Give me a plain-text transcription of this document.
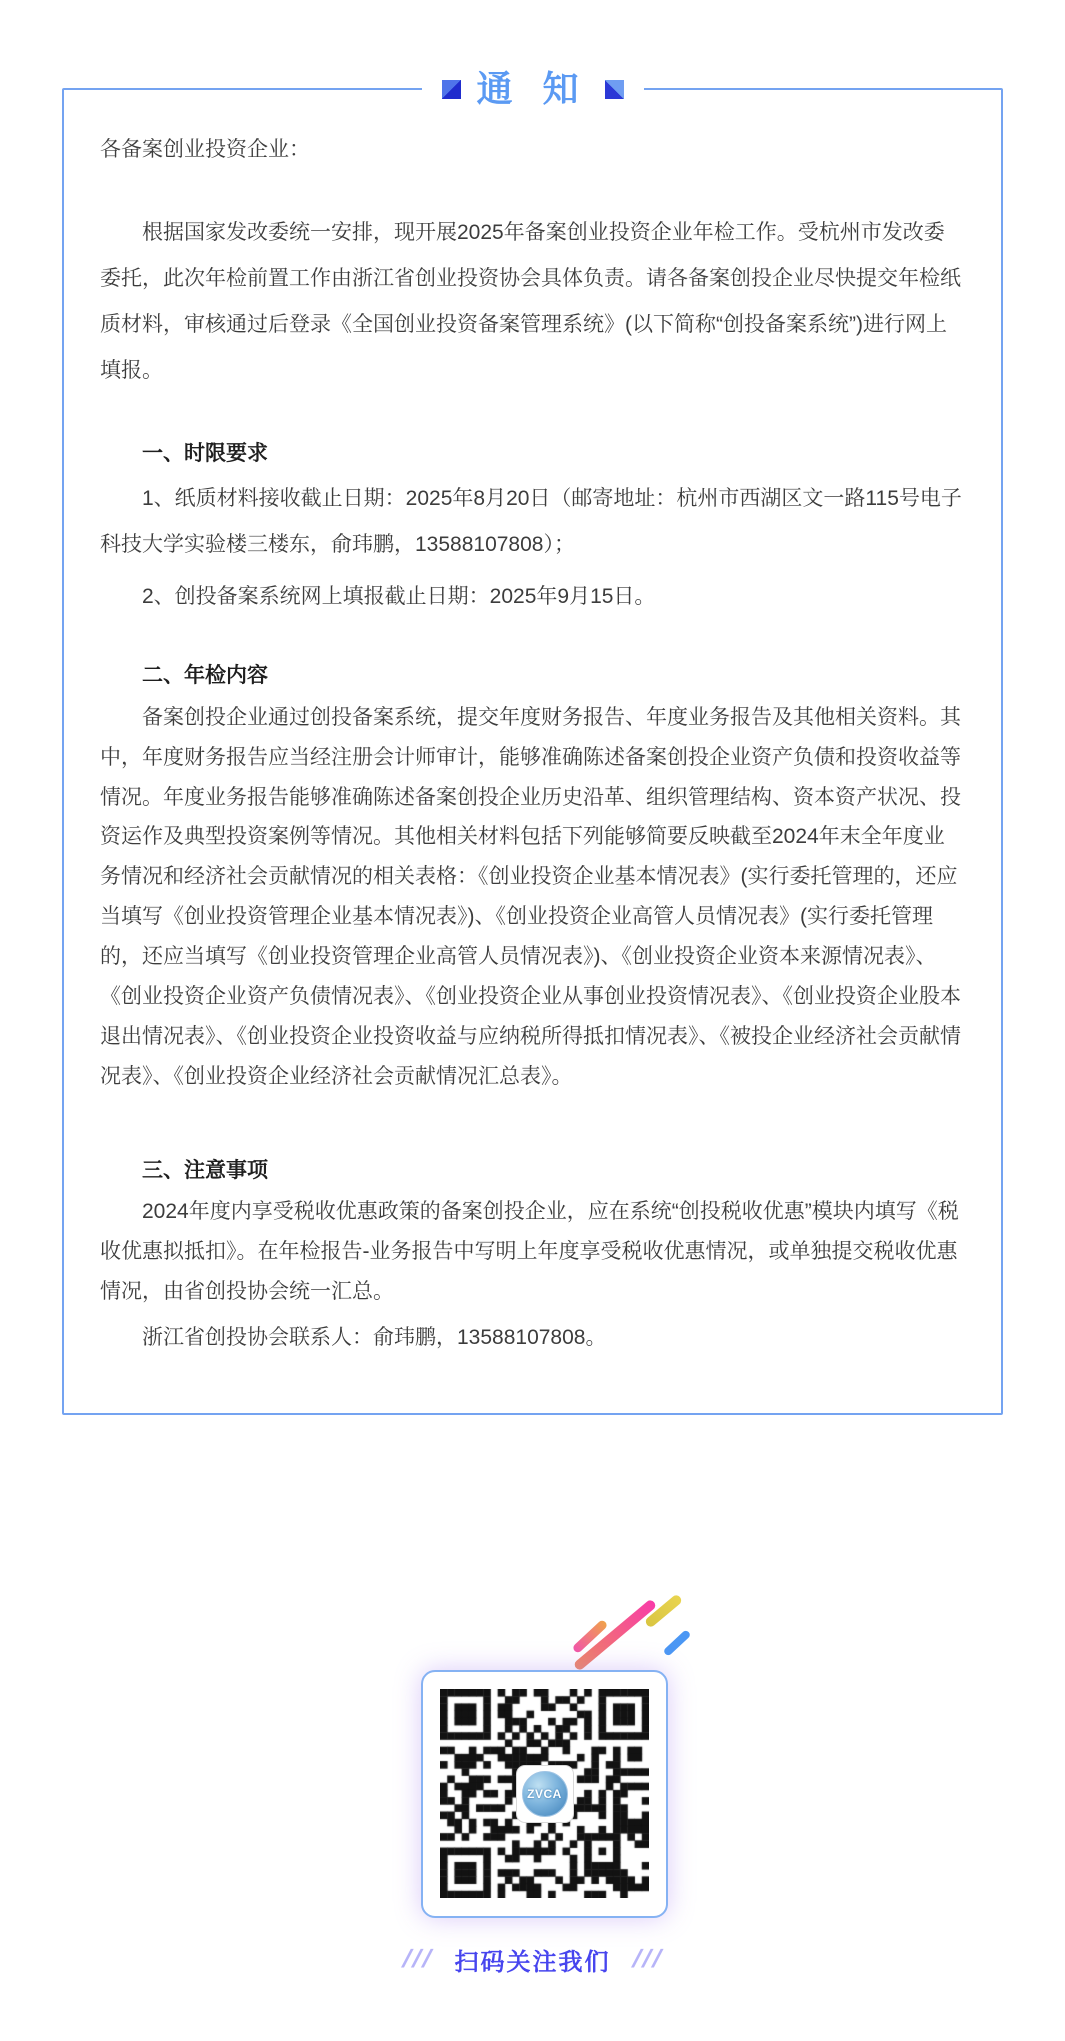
通 知

各备案创业投资企业：

根据国家发改委统一安排，现开展2025年备案创业投资企业年检工作。受杭州市发改委委托，此次年检前置工作由浙江省创业投资协会具体负责。请各备案创投企业尽快提交年检纸质材料，审核通过后登录《全国创业投资备案管理系统》(以下简称“创投备案系统”)进行网上填报。

一、时限要求

1、纸质材料接收截止日期：2025年8月20日（邮寄地址：杭州市西湖区文一路115号电子科技大学实验楼三楼东，俞玮鹏，13588107808）；

2、创投备案系统网上填报截止日期：2025年9月15日。

二、年检内容

备案创投企业通过创投备案系统，提交年度财务报告、年度业务报告及其他相关资料。其中，年度财务报告应当经注册会计师审计，能够准确陈述备案创投企业资产负债和投资收益等情况。年度业务报告能够准确陈述备案创投企业历史沿革、组织管理结构、资本资产状况、投资运作及典型投资案例等情况。其他相关材料包括下列能够简要反映截至2024年末全年度业务情况和经济社会贡献情况的相关表格：《创业投资企业基本情况表》(实行委托管理的，还应当填写《创业投资管理企业基本情况表》)、《创业投资企业高管人员情况表》(实行委托管理的，还应当填写《创业投资管理企业高管人员情况表》)、《创业投资企业资本来源情况表》、《创业投资企业资产负债情况表》、《创业投资企业从事创业投资情况表》、《创业投资企业股本退出情况表》、《创业投资企业投资收益与应纳税所得抵扣情况表》、《被投企业经济社会贡献情况表》、《创业投资企业经济社会贡献情况汇总表》。

三、注意事项

2024年度内享受税收优惠政策的备案创投企业，应在系统“创投税收优惠”模块内填写《税收优惠拟抵扣》。在年检报告-业务报告中写明上年度享受税收优惠情况，或单独提交税收优惠情况，由省创投协会统一汇总。

浙江省创投协会联系人：俞玮鹏，13588107808。

ZVCA
/// 扫码关注我们 ///
